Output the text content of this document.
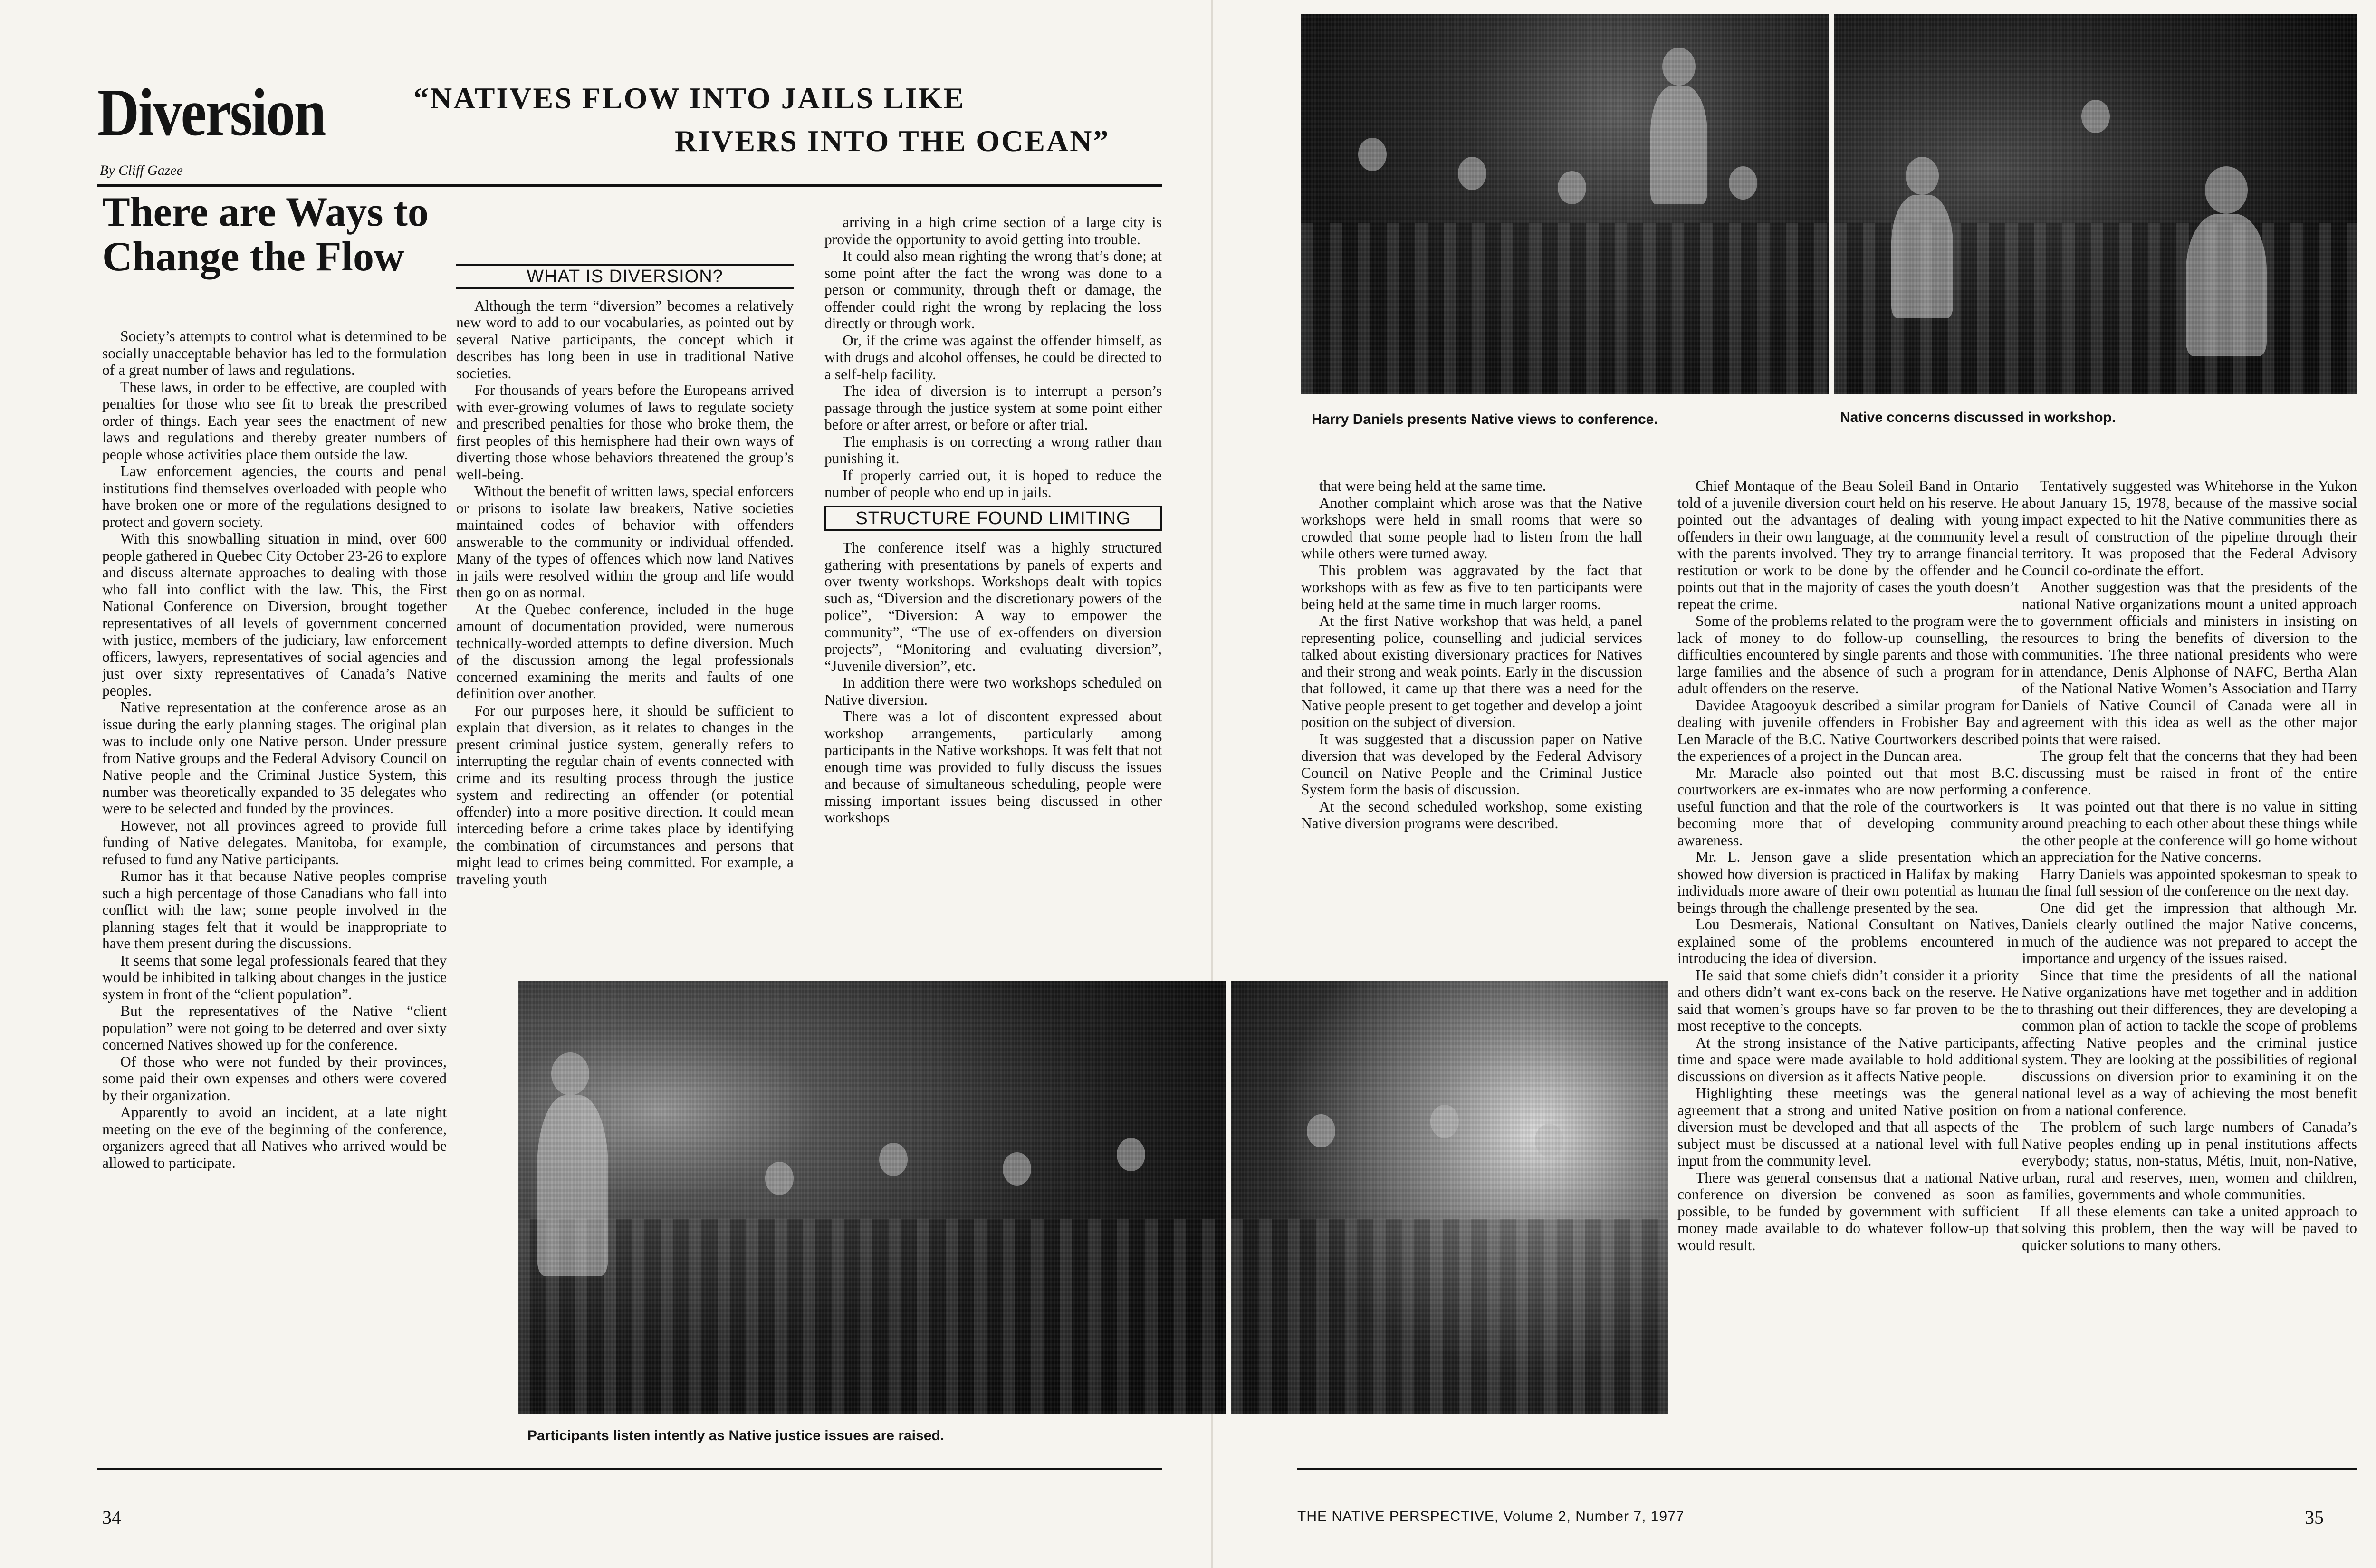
Diversion	“NATIVES FLOW INTO JAILS LIKE
RIVERS INTO THE OCEAN”
By Cliff Gazee
There are Ways to Change the Flow

Society’s attempts to control what is determined to be socially unacceptable behavior has led to the formulation of a great number of laws and regulations.

These laws, in order to be effective, are coupled with penalties for those who see fit to break the prescribed order of things. Each year sees the enactment of new laws and regulations and thereby greater numbers of people whose activities place them outside the law.

Law enforcement agencies, the courts and penal institutions find themselves overloaded with people who have broken one or more of the regulations designed to protect and govern society.

With this snowballing situation in mind, over 600 people gathered in Quebec City October 23-26 to explore and discuss alternate approaches to dealing with those who fall into conflict with the law. This, the First National Conference on Diversion, brought together representatives of all levels of government concerned with justice, members of the judiciary, law enforcement officers, lawyers, representatives of social agencies and just over sixty representatives of Canada’s Native peoples.

Native representation at the conference arose as an issue during the early planning stages. The original plan was to include only one Native person. Under pressure from Native groups and the Federal Advisory Council on Native people and the Criminal Justice System, this number was theoretically expanded to 35 delegates who were to be selected and funded by the provinces.

However, not all provinces agreed to provide full funding of Native delegates. Manitoba, for example, refused to fund any Native participants.

Rumor has it that because Native peoples comprise such a high percentage of those Canadians who fall into conflict with the law; some people involved in the planning stages felt that it would be inappropriate to have them present during the discussions.

It seems that some legal professionals feared that they would be inhibited in talking about changes in the justice system in front of the “client population”.

But the representatives of the Native “client population” were not going to be deterred and over sixty concerned Natives showed up for the conference.

Of those who were not funded by their provinces, some paid their own expenses and others were covered by their organization.

Apparently to avoid an incident, at a late night meeting on the eve of the beginning of the conference, organizers agreed that all Natives who arrived would be allowed to participate.

WHAT IS DIVERSION?

Although the term “diversion” becomes a relatively new word to add to our vocabularies, as pointed out by several Native participants, the concept which it describes has long been in use in traditional Native societies.

For thousands of years before the Europeans arrived with ever-growing volumes of laws to regulate society and prescribed penalties for those who broke them, the first peoples of this hemisphere had their own ways of diverting those whose behaviors threatened the group’s well-being.

Without the benefit of written laws, special enforcers or prisons to isolate law breakers, Native societies maintained codes of behavior with offenders answerable to the community or individual offended. Many of the types of offences which now land Natives in jails were resolved within the group and life would then go on as normal.

At the Quebec conference, included in the huge amount of documentation provided, were numerous technically-worded attempts to define diversion. Much of the discussion among the legal professionals concerned examining the merits and faults of one definition over another.

For our purposes here, it should be sufficient to explain that diversion, as it relates to changes in the present criminal justice system, generally refers to interrupting the regular chain of events connected with crime and its resulting process through the justice system and redirecting an offender (or potential offender) into a more positive direction. It could mean interceding before a crime takes place by identifying the combination of circumstances and persons that might lead to crimes being committed. For example, a traveling youth

arriving in a high crime section of a large city is provide the opportunity to avoid getting into trouble.

It could also mean righting the wrong that’s done; at some point after the fact the wrong was done to a person or community, through theft or damage, the offender could right the wrong by replacing the loss directly or through work.

Or, if the crime was against the offender himself, as with drugs and alcohol offenses, he could be directed to a self-help facility.

The idea of diversion is to interrupt a person’s passage through the justice system at some point either before or after arrest, or before or after trial.

The emphasis is on correcting a wrong rather than punishing it.

If properly carried out, it is hoped to reduce the number of people who end up in jails.

STRUCTURE FOUND LIMITING

The conference itself was a highly structured gathering with presentations by panels of experts and over twenty workshops. Workshops dealt with topics such as, “Diversion and the discretionary powers of the police”, “Diversion: A way to empower the community”, “The use of ex-offenders on diversion projects”, “Monitoring and evaluating diversion”, “Juvenile diversion”, etc.

In addition there were two workshops scheduled on Native diversion.

There was a lot of discontent expressed about workshop arrangements, particularly among participants in the Native workshops. It was felt that not enough time was provided to fully discuss the issues and because of simultaneous scheduling, people were missing important issues being discussed in other workshops

that were being held at the same time.

Another complaint which arose was that the Native workshops were held in small rooms that were so crowded that some people had to listen from the hall while others were turned away.

This problem was aggravated by the fact that workshops with as few as five to ten participants were being held at the same time in much larger rooms.

At the first Native workshop that was held, a panel representing police, counselling and judicial services talked about existing diversionary practices for Natives and their strong and weak points. Early in the discussion that followed, it came up that there was a need for the Native people present to get together and develop a joint position on the subject of diversion.

It was suggested that a discussion paper on Native diversion that was developed by the Federal Advisory Council on Native People and the Criminal Justice System form the basis of discussion.

At the second scheduled workshop, some existing Native diversion programs were described.

Chief Montaque of the Beau Soleil Band in Ontario told of a juvenile diversion court held on his reserve. He pointed out the advantages of dealing with young offenders in their own language, at the community level with the parents involved. They try to arrange financial restitution or work to be done by the offender and he points out that in the majority of cases the youth doesn’t repeat the crime.

Some of the problems related to the program were the lack of money to do follow-up counselling, the difficulties encountered by single parents and those with large families and the absence of such a program for adult offenders on the reserve.

Davidee Atagooyuk described a similar program for dealing with juvenile offenders in Frobisher Bay and Len Maracle of the B.C. Native Courtworkers described the experiences of a project in the Duncan area.

Mr. Maracle also pointed out that most B.C. courtworkers are ex-inmates who are now performing a useful function and that the role of the courtworkers is becoming more that of developing community awareness.

Mr. L. Jenson gave a slide presentation which showed how diversion is practiced in Halifax by making individuals more aware of their own potential as human beings through the challenge presented by the sea.

Lou Desmerais, National Consultant on Natives, explained some of the problems encountered in introducing the idea of diversion.

He said that some chiefs didn’t consider it a priority and others didn’t want ex-cons back on the reserve. He said that women’s groups have so far proven to be the most receptive to the concepts.

At the strong insistance of the Native participants, time and space were made available to hold additional discussions on diversion as it affects Native people.

Highlighting these meetings was the general agreement that a strong and united Native position on diversion must be developed and that all aspects of the subject must be discussed at a national level with full input from the community level.

There was general consensus that a national Native conference on diversion be convened as soon as possible, to be funded by government with sufficient money made available to do whatever follow-up that would result.

Tentatively suggested was Whitehorse in the Yukon about January 15, 1978, because of the massive social impact expected to hit the Native communities there as a result of construction of the pipeline through their territory. It was proposed that the Federal Advisory Council co-ordinate the effort.

Another suggestion was that the presidents of the national Native organizations mount a united approach to government officials and ministers in insisting on resources to bring the benefits of diversion to the communities. The three national presidents who were in attendance, Denis Alphonse of NAFC, Bertha Alan of the National Native Women’s Association and Harry Daniels of Native Council of Canada were all in agreement with this idea as well as the other major points that were raised.

The group felt that the concerns that they had been discussing must be raised in front of the entire conference.

It was pointed out that there is no value in sitting around preaching to each other about these things while the other people at the conference will go home without an appreciation for the Native concerns.

Harry Daniels was appointed spokesman to speak to the final full session of the conference on the next day.

One did get the impression that although Mr. Daniels clearly outlined the major Native concerns, much of the audience was not prepared to accept the importance and urgency of the issues raised.

Since that time the presidents of all the national Native organizations have met together and in addition to thrashing out their differences, they are developing a common plan of action to tackle the scope of problems affecting Native peoples and the criminal justice system. They are looking at the possibilities of regional discussions on diversion prior to examining it on the national level as a way of achieving the most benefit from a national conference.

The problem of such large numbers of Canada’s Native peoples ending up in penal institutions affects everybody; status, non-status, Métis, Inuit, non-Native, urban, rural and reserves, men, women and children, families, governments and whole communities.

If all these elements can take a united approach to solving this problem, then the way will be paved to quicker solutions to many others.

Harry Daniels presents Native views to conference.	Native concerns discussed in workshop.
Participants listen intently as Native justice issues are raised.
34	THE NATIVE PERSPECTIVE, Volume 2, Number 7, 1977	35
